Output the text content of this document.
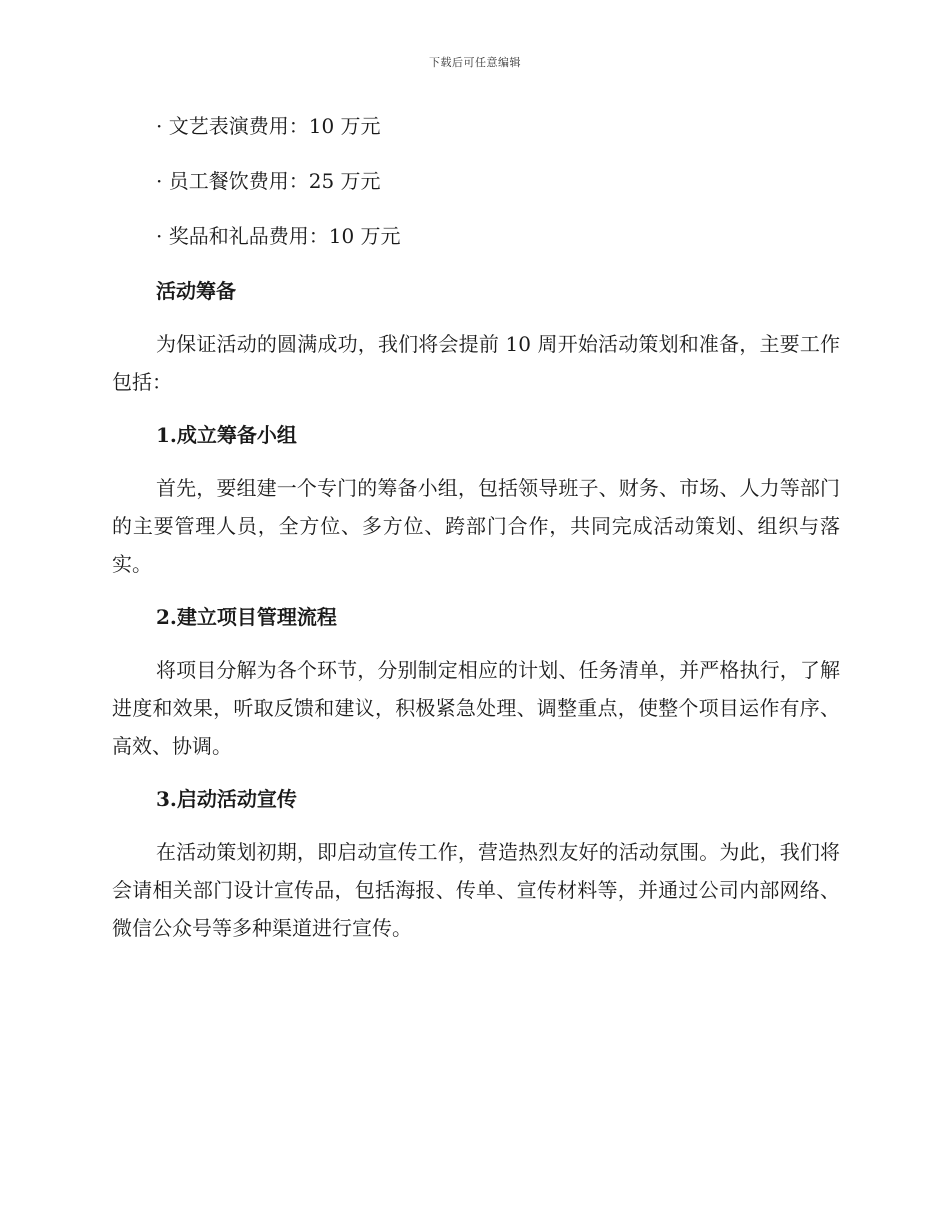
下载后可任意编辑
· 文艺表演费用：10 万元
· 员工餐饮费用：25 万元
· 奖品和礼品费用：10 万元
活动筹备
为保证活动的圆满成功，我们将会提前 10 周开始活动策划和准备，主要工作包括：
1.成立筹备小组
首先，要组建一个专门的筹备小组，包括领导班子、财务、市场、人力等部门的主要管理人员，全方位、多方位、跨部门合作，共同完成活动策划、组织与落实。
2.建立项目管理流程
将项目分解为各个环节，分别制定相应的计划、任务清单，并严格执行，了解进度和效果，听取反馈和建议，积极紧急处理、调整重点，使整个项目运作有序、高效、协调。
3.启动活动宣传
在活动策划初期，即启动宣传工作，营造热烈友好的活动氛围。为此，我们将会请相关部门设计宣传品，包括海报、传单、宣传材料等，并通过公司内部网络、微信公众号等多种渠道进行宣传。
